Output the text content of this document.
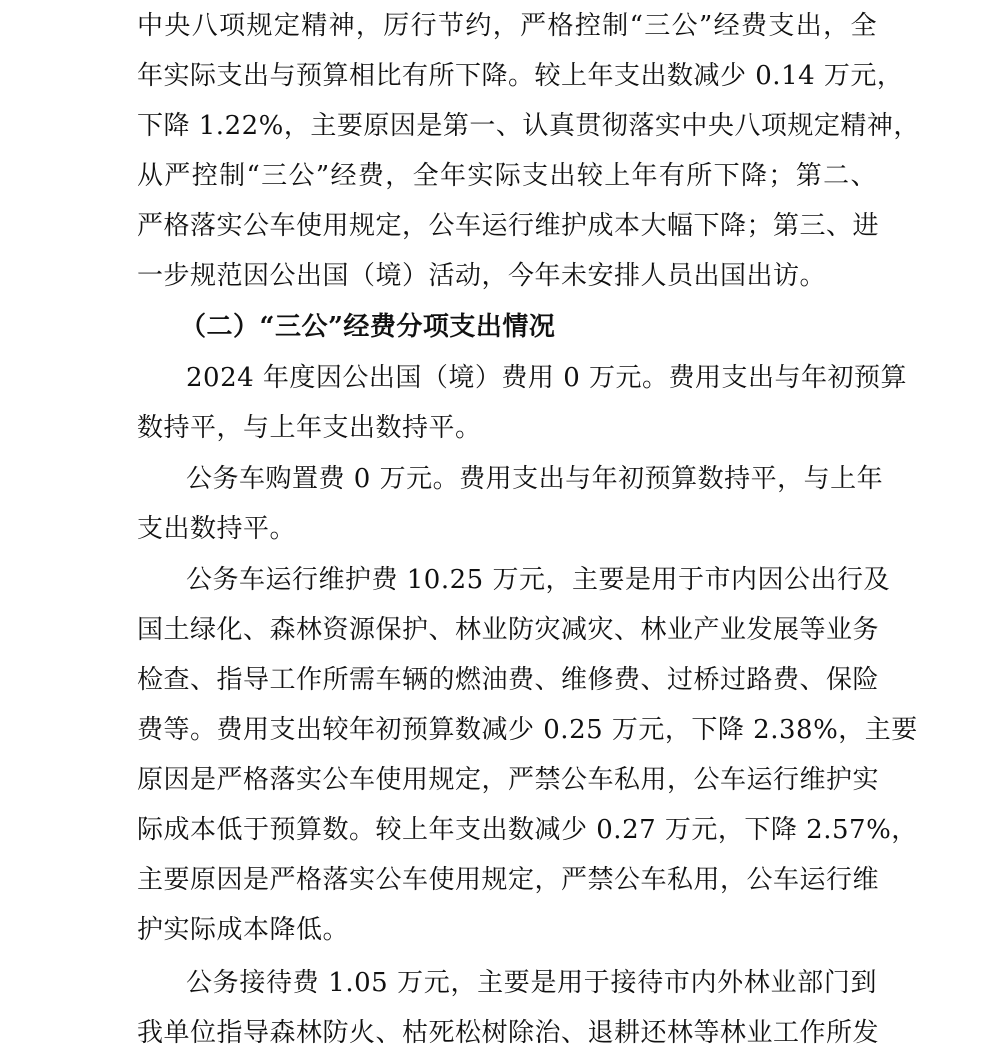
中央八项规定精神，厉行节约，严格控制“三公”经费支出，全
年实际支出与预算相比有所下降。较上年支出数减少 0.14 万元，
下降 1.22%，主要原因是第一、认真贯彻落实中央八项规定精神，
从严控制“三公”经费，全年实际支出较上年有所下降；第二、
严格落实公车使用规定，公车运行维护成本大幅下降；第三、进
一步规范因公出国（境）活动，今年未安排人员出国出访。
（二）“三公”经费分项支出情况
2024 年度因公出国（境）费用 0 万元。费用支出与年初预算
数持平，与上年支出数持平。
公务车购置费 0 万元。费用支出与年初预算数持平，与上年
支出数持平。
公务车运行维护费 10.25 万元，主要是用于市内因公出行及
国土绿化、森林资源保护、林业防灾减灾、林业产业发展等业务
检查、指导工作所需车辆的燃油费、维修费、过桥过路费、保险
费等。费用支出较年初预算数减少 0.25 万元，下降 2.38%，主要
原因是严格落实公车使用规定，严禁公车私用，公车运行维护实
际成本低于预算数。较上年支出数减少 0.27 万元，下降 2.57%，
主要原因是严格落实公车使用规定，严禁公车私用，公车运行维
护实际成本降低。
公务接待费 1.05 万元，主要是用于接待市内外林业部门到
我单位指导森林防火、枯死松树除治、退耕还林等林业工作所发
